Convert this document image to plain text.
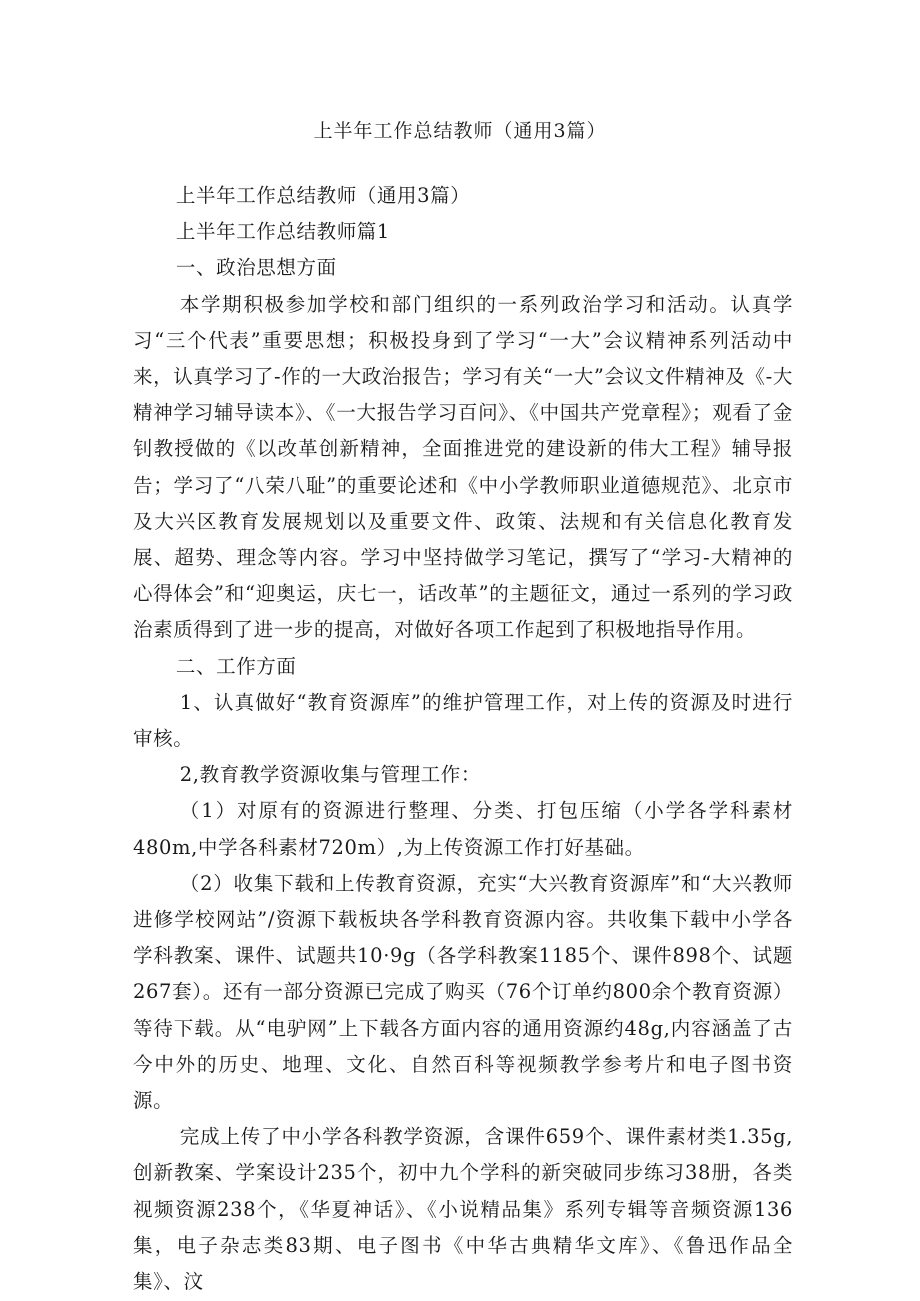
上半年工作总结教师（通用3篇）

上半年工作总结教师（通用3篇）

上半年工作总结教师篇1

一、政治思想方面

本学期积极参加学校和部门组织的一系列政治学习和活动。认真学习“三个代表”重要思想；积极投身到了学习“一大”会议精神系列活动中来，认真学习了-作的一大政治报告；学习有关“一大”会议文件精神及《-大精神学习辅导读本》、《一大报告学习百问》、《中国共产党章程》；观看了金钊教授做的《以改革创新精神，全面推进党的建设新的伟大工程》辅导报告；学习了“八荣八耻”的重要论述和《中小学教师职业道德规范》、北京市及大兴区教育发展规划以及重要文件、政策、法规和有关信息化教育发展、超势、理念等内容。学习中坚持做学习笔记，撰写了“学习-大精神的心得体会”和“迎奥运，庆七一，话改革”的主题征文，通过一系列的学习政治素质得到了进一步的提高，对做好各项工作起到了积极地指导作用。

二、工作方面

1、认真做好“教育资源库”的维护管理工作，对上传的资源及时进行审核。

2,教育教学资源收集与管理工作：

（1）对原有的资源进行整理、分类、打包压缩（小学各学科素材480m,中学各科素材720m）,为上传资源工作打好基础。

（2）收集下载和上传教育资源，充实“大兴教育资源库”和“大兴教师进修学校网站”/资源下载板块各学科教育资源内容。共收集下载中小学各学科教案、课件、试题共10·9g（各学科教案1185个、课件898个、试题267套）。还有一部分资源已完成了购买（76个订单约800余个教育资源）等待下载。从“电驴网”上下载各方面内容的通用资源约48g,内容涵盖了古今中外的历史、地理、文化、自然百科等视频教学参考片和电子图书资源。

完成上传了中小学各科教学资源，含课件659个、课件素材类1.35g,创新教案、学案设计235个，初中九个学科的新突破同步练习38册，各类视频资源238个，《华夏神话》、《小说精品集》系列专辑等音频资源136集，电子杂志类83期、电子图书《中华古典精华文库》、《鲁迅作品全集》、汶
